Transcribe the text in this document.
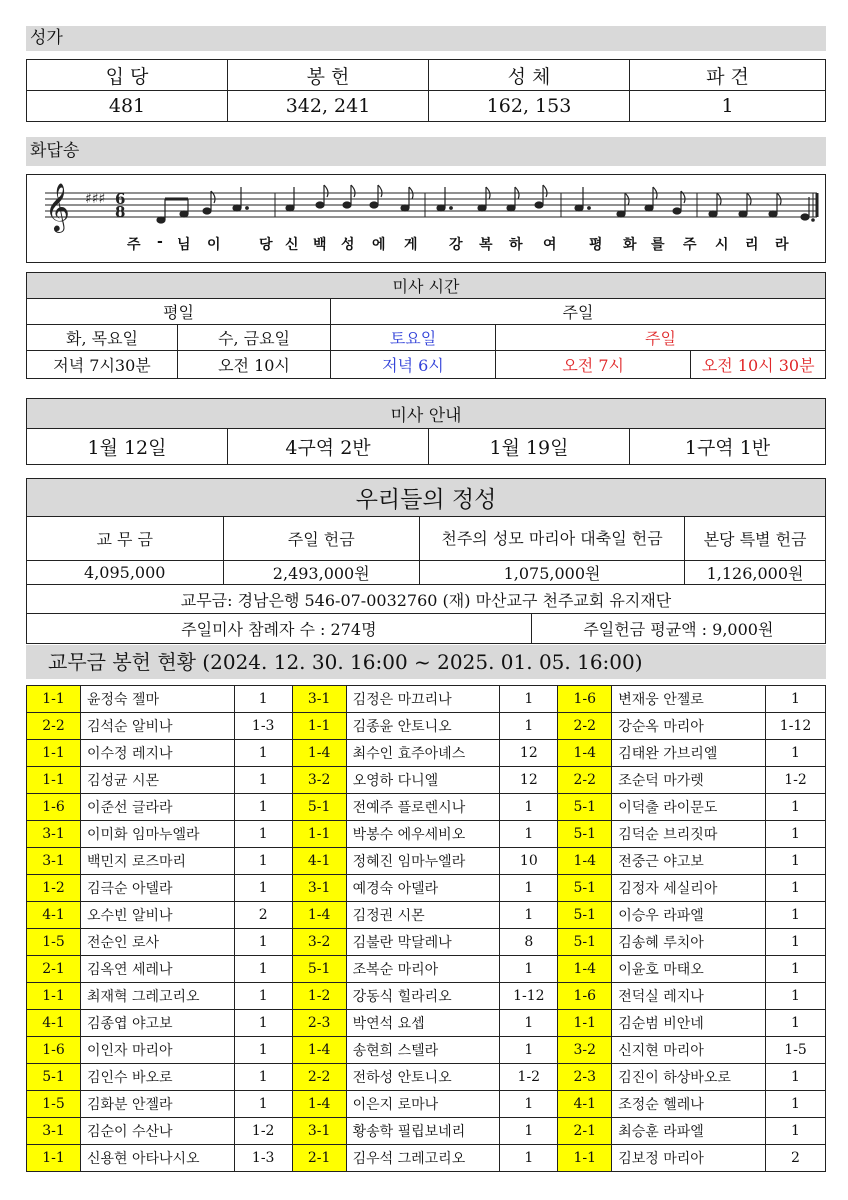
성가
입 당	봉 헌	성 체	파 견
481	342, 241	162, 153	1
화답송
𝄞 ♯♯♯ 6
8
주 - 님 이	당 신 백 성 에 게 강 복 하 여 평 화 를 주 시 리 라
미사 시간				
평일		주일		
화, 목요일	수, 금요일	토요일	주일	
저녁 7시30분	오전 10시	저녁 6시	오전 7시	오전 10시 30분
미사 안내
1월 12일	4구역 2반	1월 19일	1구역 1반
우리들의 정성				
교 무 금	주일 헌금	천주의 성모 마리아 대축일 헌금		본당 특별 헌금
4,095,000	2,493,000원	1,075,000원		1,126,000원
교무금: 경남은행 546-07-0032760 (재) 마산교구 천주교회 유지재단				
주일미사 참례자 수 : 274명			주일헌금 평균액 : 9,000원	
교무금 봉헌 현황 (2024. 12. 30. 16:00 ~ 2025. 01. 05. 16:00)
1-1	윤정숙 젤마	1	3-1	김정은 마끄리나	1	1-6	변재웅 안젤로	1
2-2	김석순 알비나	1-3	1-1	김종윤 안토니오	1	2-2	강순옥 마리아	1-12
1-1	이수정 레지나	1	1-4	최수인 효주아녜스	12	1-4	김태완 가브리엘	1
1-1	김성균 시몬	1	3-2	오영하 다니엘	12	2-2	조순덕 마가렛	1-2
1-6	이준선 글라라	1	5-1	전예주 플로렌시나	1	5-1	이덕출 라이문도	1
3-1	이미화 임마누엘라	1	1-1	박봉수 에우세비오	1	5-1	김덕순 브리짓따	1
3-1	백민지 로즈마리	1	4-1	정혜진 임마누엘라	10	1-4	전중근 야고보	1
1-2	김극순 아델라	1	3-1	예경숙 아델라	1	5-1	김정자 세실리아	1
4-1	오수빈 알비나	2	1-4	김정권 시몬	1	5-1	이승우 라파엘	1
1-5	전순인 로사	1	3-2	김불란 막달레나	8	5-1	김송혜 루치아	1
2-1	김옥연 세레나	1	5-1	조복순 마리아	1	1-4	이윤호 마태오	1
1-1	최재혁 그레고리오	1	1-2	강동식 힐라리오	1-12	1-6	전덕실 레지나	1
4-1	김종엽 야고보	1	2-3	박연석 요셉	1	1-1	김순범 비안네	1
1-6	이인자 마리아	1	1-4	송현희 스텔라	1	3-2	신지현 마리아	1-5
5-1	김인수 바오로	1	2-2	전하성 안토니오	1-2	2-3	김진이 하상바오로	1
1-5	김화분 안젤라	1	1-4	이은지 로마나	1	4-1	조정순 헬레나	1
3-1	김순이 수산나	1-2	3-1	황송학 필립보네리	1	2-1	최승훈 라파엘	1
1-1	신용현 아타나시오	1-3	2-1	김우석 그레고리오	1	1-1	김보정 마리아	2
